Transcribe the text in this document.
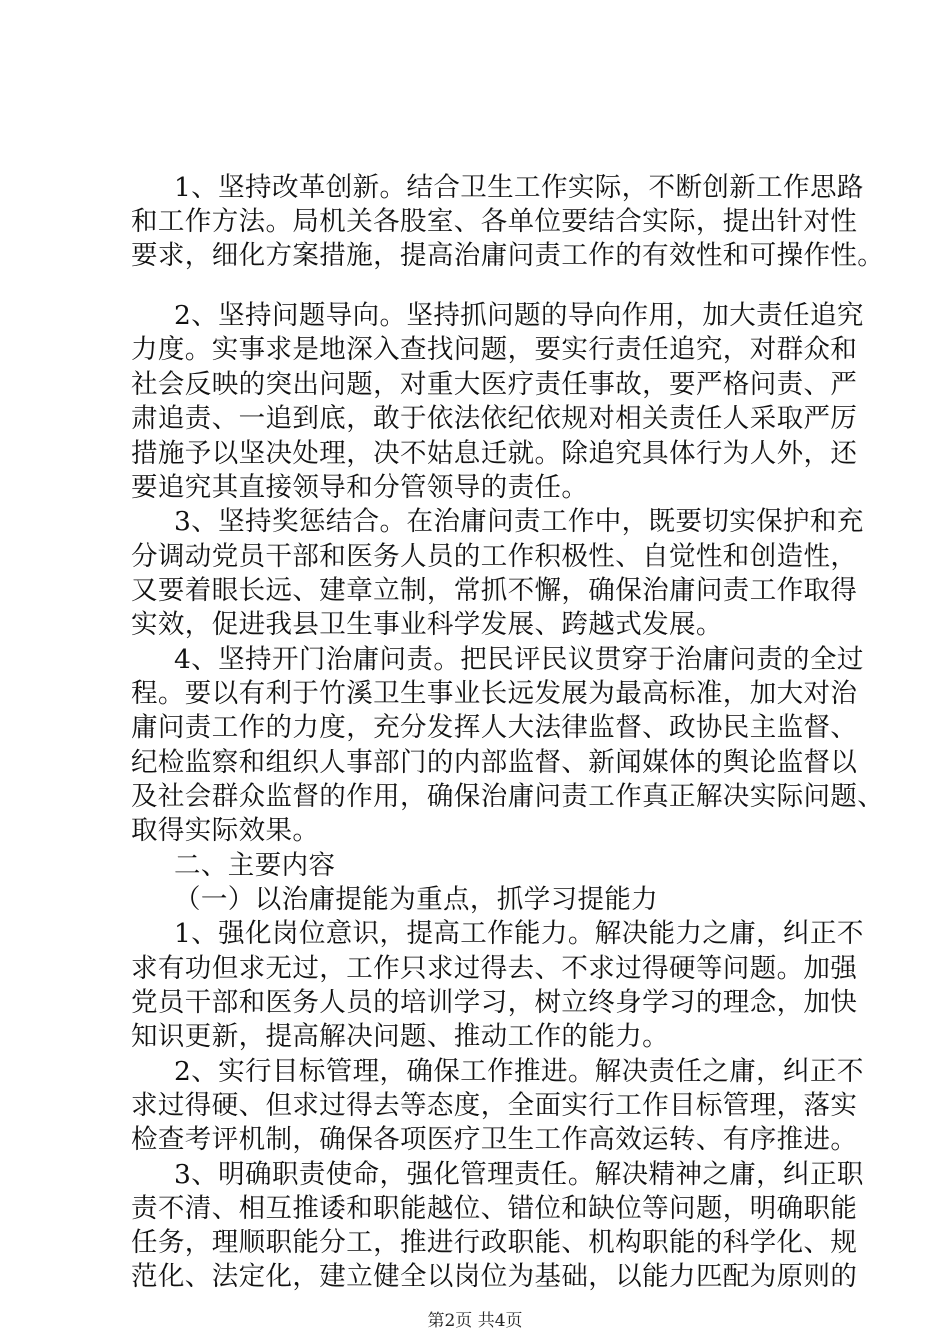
1、坚持改革创新。结合卫生工作实际，不断创新工作思路
和工作方法。局机关各股室、各单位要结合实际，提出针对性
要求，细化方案措施，提高治庸问责工作的有效性和可操作性。
2、坚持问题导向。坚持抓问题的导向作用，加大责任追究
力度。实事求是地深入查找问题，要实行责任追究，对群众和
社会反映的突出问题，对重大医疗责任事故，要严格问责、严
肃追责、一追到底，敢于依法依纪依规对相关责任人采取严厉
措施予以坚决处理，决不姑息迁就。除追究具体行为人外，还
要追究其直接领导和分管领导的责任。
3、坚持奖惩结合。在治庸问责工作中，既要切实保护和充
分调动党员干部和医务人员的工作积极性、自觉性和创造性，
又要着眼长远、建章立制，常抓不懈，确保治庸问责工作取得
实效，促进我县卫生事业科学发展、跨越式发展。
4、坚持开门治庸问责。把民评民议贯穿于治庸问责的全过
程。要以有利于竹溪卫生事业长远发展为最高标准，加大对治
庸问责工作的力度，充分发挥人大法律监督、政协民主监督、
纪检监察和组织人事部门的内部监督、新闻媒体的舆论监督以
及社会群众监督的作用，确保治庸问责工作真正解决实际问题、
取得实际效果。
二、主要内容
（一）以治庸提能为重点，抓学习提能力
1、强化岗位意识，提高工作能力。解决能力之庸，纠正不
求有功但求无过，工作只求过得去、不求过得硬等问题。加强
党员干部和医务人员的培训学习，树立终身学习的理念，加快
知识更新，提高解决问题、推动工作的能力。
2、实行目标管理，确保工作推进。解决责任之庸，纠正不
求过得硬、但求过得去等态度，全面实行工作目标管理，落实
检查考评机制，确保各项医疗卫生工作高效运转、有序推进。
3、明确职责使命，强化管理责任。解决精神之庸，纠正职
责不清、相互推诿和职能越位、错位和缺位等问题，明确职能
任务，理顺职能分工，推进行政职能、机构职能的科学化、规
范化、法定化，建立健全以岗位为基础，以能力匹配为原则的
第2页 共4页
